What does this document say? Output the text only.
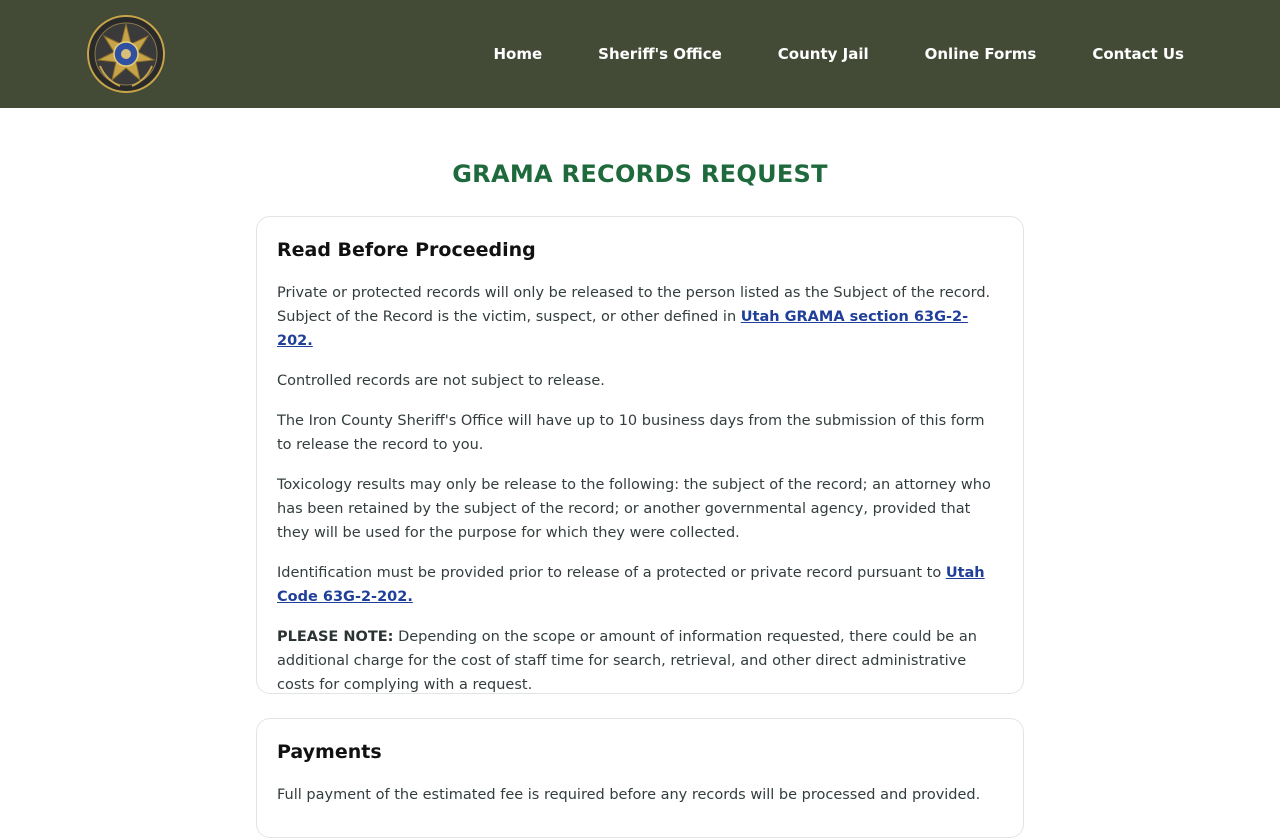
Home	Sheriff's Office	County Jail	Online Forms	Contact Us
GRAMA RECORDS REQUEST
Read Before Proceeding

Private or protected records will only be released to the person listed as the Subject of the record. Subject of the Record is the victim, suspect, or other defined in Utah GRAMA section 63G-2-202.

Controlled records are not subject to release.

The Iron County Sheriff's Office will have up to 10 business days from the submission of this form to release the record to you.

Toxicology results may only be release to the following: the subject of the record; an attorney who has been retained by the subject of the record; or another governmental agency, provided that they will be used for the purpose for which they were collected.

Identification must be provided prior to release of a protected or private record pursuant to Utah Code 63G-2-202.

PLEASE NOTE: Depending on the scope or amount of information requested, there could be an additional charge for the cost of staff time for search, retrieval, and other direct administrative costs for complying with a request.

Payments

Full payment of the estimated fee is required before any records will be processed and provided.
